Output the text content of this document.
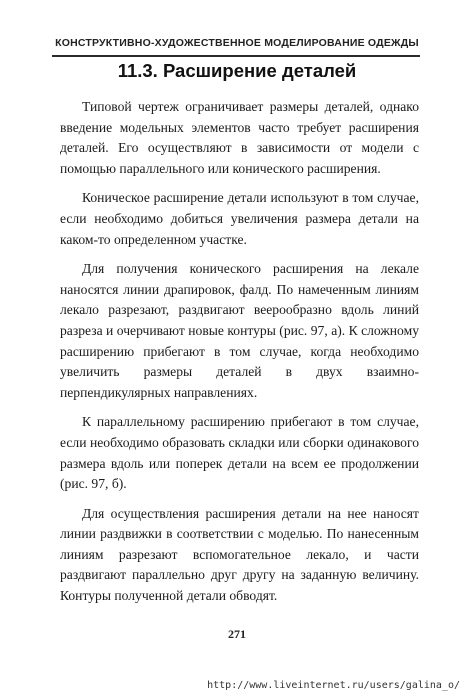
КОНСТРУКТИВНО-ХУДОЖЕСТВЕННОЕ МОДЕЛИРОВАНИЕ ОДЕЖДЫ
11.3. Расширение деталей

Типовой чертеж ограничивает размеры деталей, однако введение модельных элементов часто требует расширения деталей. Его осуществляют в зависимости от модели с помощью параллельного или конического расширения.

Коническое расширение детали используют в том случае, если необходимо добиться увеличения размера детали на каком-то определенном участке.

Для получения конического расширения на лекале наносятся линии драпировок, фалд. По намеченным линиям лекало разрезают, раздвигают веерообразно вдоль линий разреза и очерчивают новые контуры (рис. 97, а). К сложному расширению прибегают в том случае, когда необходимо увеличить размеры деталей в двух взаимно-перпендикулярных направлениях.

К параллельному расширению прибегают в том случае, если необходимо образовать складки или сборки одинакового размера вдоль или поперек детали на всем ее продолжении (рис. 97, б).

Для осуществления расширения детали на нее наносят линии раздвижки в соответствии с моделью. По нанесенным линиям разрезают вспомогательное лекало, и части раздвигают параллельно друг другу на заданную величину. Контуры полученной детали обводят.

271
http://www.liveinternet.ru/users/galina_o/
